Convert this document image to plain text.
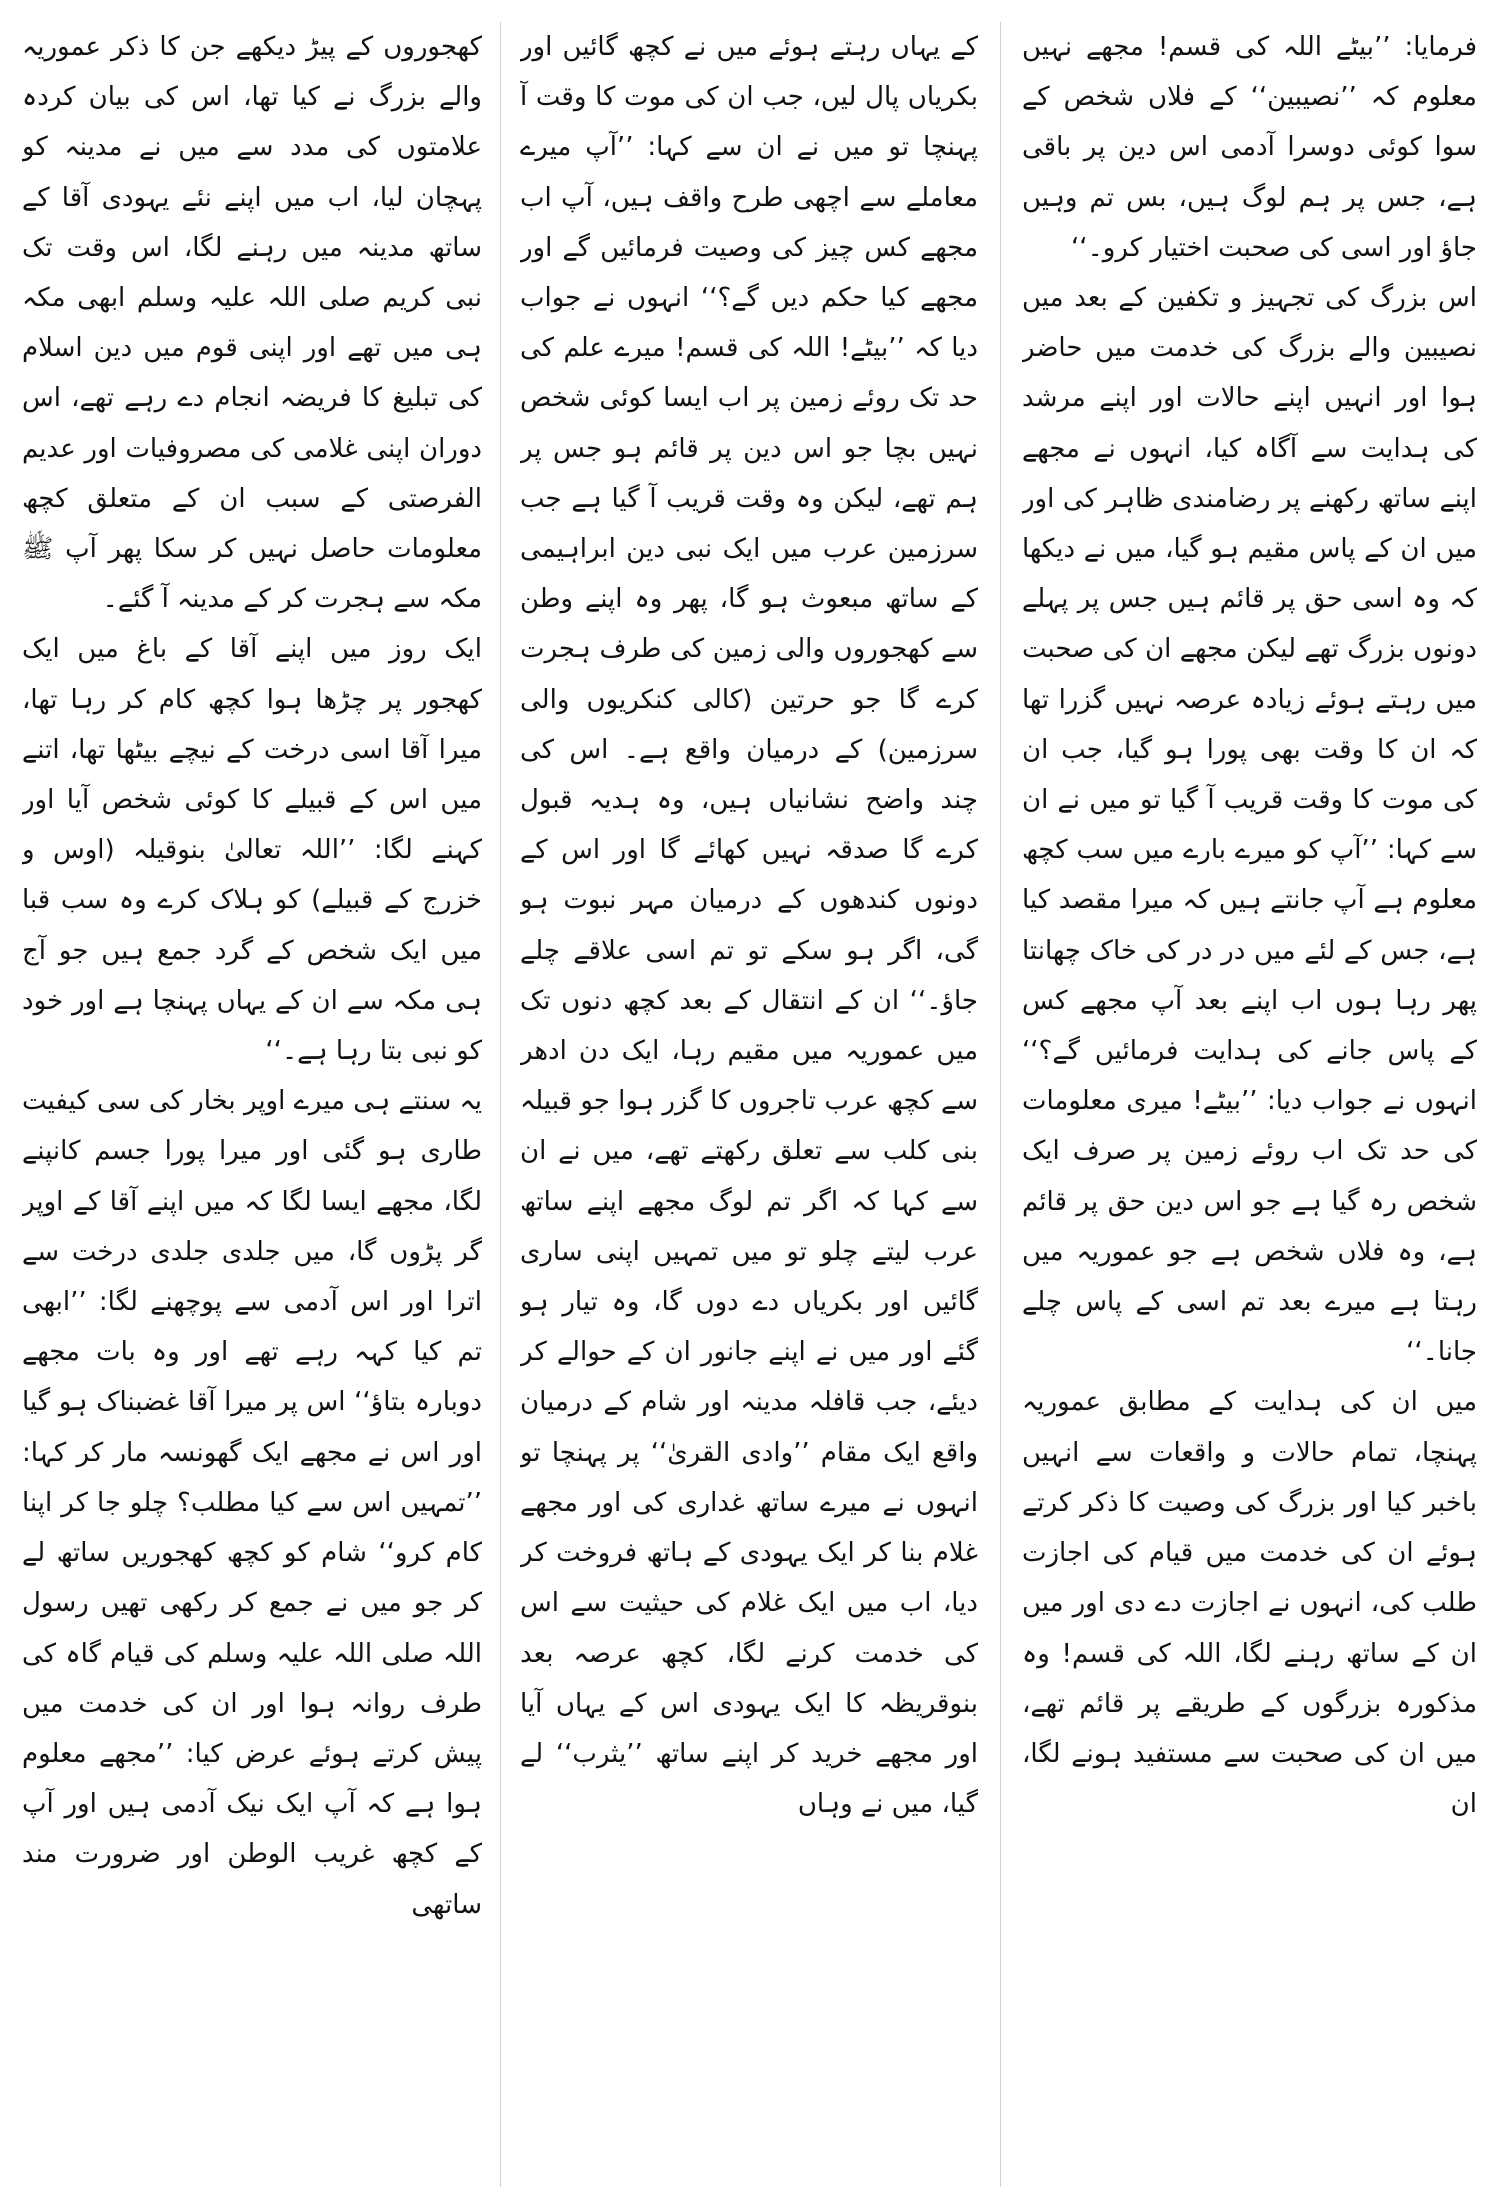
فرمایا: ’’بیٹے اللہ کی قسم! مجھے نہیں معلوم کہ ’’نصیبین‘‘ کے فلاں شخص کے سوا کوئی دوسرا آدمی اس دین پر باقی ہے، جس پر ہم لوگ ہیں، بس تم وہیں جاؤ اور اسی کی صحبت اختیار کرو۔‘‘

اس بزرگ کی تجہیز و تکفین کے بعد میں نصیبین والے بزرگ کی خدمت میں حاضر ہوا اور انہیں اپنے حالات اور اپنے مرشد کی ہدایت سے آگاہ کیا، انہوں نے مجھے اپنے ساتھ رکھنے پر رضامندی ظاہر کی اور میں ان کے پاس مقیم ہو گیا، میں نے دیکھا کہ وہ اسی حق پر قائم ہیں جس پر پہلے دونوں بزرگ تھے لیکن مجھے ان کی صحبت میں رہتے ہوئے زیادہ عرصہ نہیں گزرا تھا کہ ان کا وقت بھی پورا ہو گیا، جب ان کی موت کا وقت قریب آ گیا تو میں نے ان سے کہا: ’’آپ کو میرے بارے میں سب کچھ معلوم ہے آپ جانتے ہیں کہ میرا مقصد کیا ہے، جس کے لئے میں در در کی خاک چھانتا پھر رہا ہوں اب اپنے بعد آپ مجھے کس کے پاس جانے کی ہدایت فرمائیں گے؟‘‘ انہوں نے جواب دیا: ’’بیٹے! میری معلومات کی حد تک اب روئے زمین پر صرف ایک شخص رہ گیا ہے جو اس دین حق پر قائم ہے، وہ فلاں شخص ہے جو عموریہ میں رہتا ہے میرے بعد تم اسی کے پاس چلے جانا۔‘‘

میں ان کی ہدایت کے مطابق عموریہ پہنچا، تمام حالات و واقعات سے انہیں باخبر کیا اور بزرگ کی وصیت کا ذکر کرتے ہوئے ان کی خدمت میں قیام کی اجازت طلب کی، انہوں نے اجازت دے دی اور میں ان کے ساتھ رہنے لگا، اللہ کی قسم! وہ مذکورہ بزرگوں کے طریقے پر قائم تھے، میں ان کی صحبت سے مستفید ہونے لگا، ان

کے یہاں رہتے ہوئے میں نے کچھ گائیں اور بکریاں پال لیں، جب ان کی موت کا وقت آ پہنچا تو میں نے ان سے کہا: ’’آپ میرے معاملے سے اچھی طرح واقف ہیں، آپ اب مجھے کس چیز کی وصیت فرمائیں گے اور مجھے کیا حکم دیں گے؟‘‘ انہوں نے جواب دیا کہ ’’بیٹے! اللہ کی قسم! میرے علم کی حد تک روئے زمین پر اب ایسا کوئی شخص نہیں بچا جو اس دین پر قائم ہو جس پر ہم تھے، لیکن وہ وقت قریب آ گیا ہے جب سرزمین عرب میں ایک نبی دین ابراہیمی کے ساتھ مبعوث ہو گا، پھر وہ اپنے وطن سے کھجوروں والی زمین کی طرف ہجرت کرے گا جو حرتین (کالی کنکریوں والی سرزمین) کے درمیان واقع ہے۔ اس کی چند واضح نشانیاں ہیں، وہ ہدیہ قبول کرے گا صدقہ نہیں کھائے گا اور اس کے دونوں کندھوں کے درمیان مہر نبوت ہو گی، اگر ہو سکے تو تم اسی علاقے چلے جاؤ۔‘‘ ان کے انتقال کے بعد کچھ دنوں تک میں عموریہ میں مقیم رہا، ایک دن ادھر سے کچھ عرب تاجروں کا گزر ہوا جو قبیلہ بنی کلب سے تعلق رکھتے تھے، میں نے ان سے کہا کہ اگر تم لوگ مجھے اپنے ساتھ عرب لیتے چلو تو میں تمہیں اپنی ساری گائیں اور بکریاں دے دوں گا، وہ تیار ہو گئے اور میں نے اپنے جانور ان کے حوالے کر دیئے، جب قافلہ مدینہ اور شام کے درمیان واقع ایک مقام ’’وادی القریٰ‘‘ پر پہنچا تو انہوں نے میرے ساتھ غداری کی اور مجھے غلام بنا کر ایک یہودی کے ہاتھ فروخت کر دیا، اب میں ایک غلام کی حیثیت سے اس کی خدمت کرنے لگا، کچھ عرصہ بعد بنوقریظہ کا ایک یہودی اس کے یہاں آیا اور مجھے خرید کر اپنے ساتھ ’’یثرب‘‘ لے گیا، میں نے وہاں

کھجوروں کے پیڑ دیکھے جن کا ذکر عموریہ والے بزرگ نے کیا تھا، اس کی بیان کردہ علامتوں کی مدد سے میں نے مدینہ کو پہچان لیا، اب میں اپنے نئے یہودی آقا کے ساتھ مدینہ میں رہنے لگا، اس وقت تک نبی کریم صلی اللہ علیہ وسلم ابھی مکہ ہی میں تھے اور اپنی قوم میں دین اسلام کی تبلیغ کا فریضہ انجام دے رہے تھے، اس دوران اپنی غلامی کی مصروفیات اور عدیم الفرصتی کے سبب ان کے متعلق کچھ معلومات حاصل نہیں کر سکا پھر آپ ﷺ مکہ سے ہجرت کر کے مدینہ آ گئے۔

ایک روز میں اپنے آقا کے باغ میں ایک کھجور پر چڑھا ہوا کچھ کام کر رہا تھا، میرا آقا اسی درخت کے نیچے بیٹھا تھا، اتنے میں اس کے قبیلے کا کوئی شخص آیا اور کہنے لگا: ’’اللہ تعالیٰ بنوقیلہ (اوس و خزرج کے قبیلے) کو ہلاک کرے وہ سب قبا میں ایک شخص کے گرد جمع ہیں جو آج ہی مکہ سے ان کے یہاں پہنچا ہے اور خود کو نبی بتا رہا ہے۔‘‘

یہ سنتے ہی میرے اوپر بخار کی سی کیفیت طاری ہو گئی اور میرا پورا جسم کانپنے لگا، مجھے ایسا لگا کہ میں اپنے آقا کے اوپر گر پڑوں گا، میں جلدی جلدی درخت سے اترا اور اس آدمی سے پوچھنے لگا: ’’ابھی تم کیا کہہ رہے تھے اور وہ بات مجھے دوبارہ بتاؤ‘‘ اس پر میرا آقا غضبناک ہو گیا اور اس نے مجھے ایک گھونسہ مار کر کہا: ’’تمہیں اس سے کیا مطلب؟ چلو جا کر اپنا کام کرو‘‘ شام کو کچھ کھجوریں ساتھ لے کر جو میں نے جمع کر رکھی تھیں رسول اللہ صلی اللہ علیہ وسلم کی قیام گاہ کی طرف روانہ ہوا اور ان کی خدمت میں پیش کرتے ہوئے عرض کیا: ’’مجھے معلوم ہوا ہے کہ آپ ایک نیک آدمی ہیں اور آپ کے کچھ غریب الوطن اور ضرورت مند ساتھی
